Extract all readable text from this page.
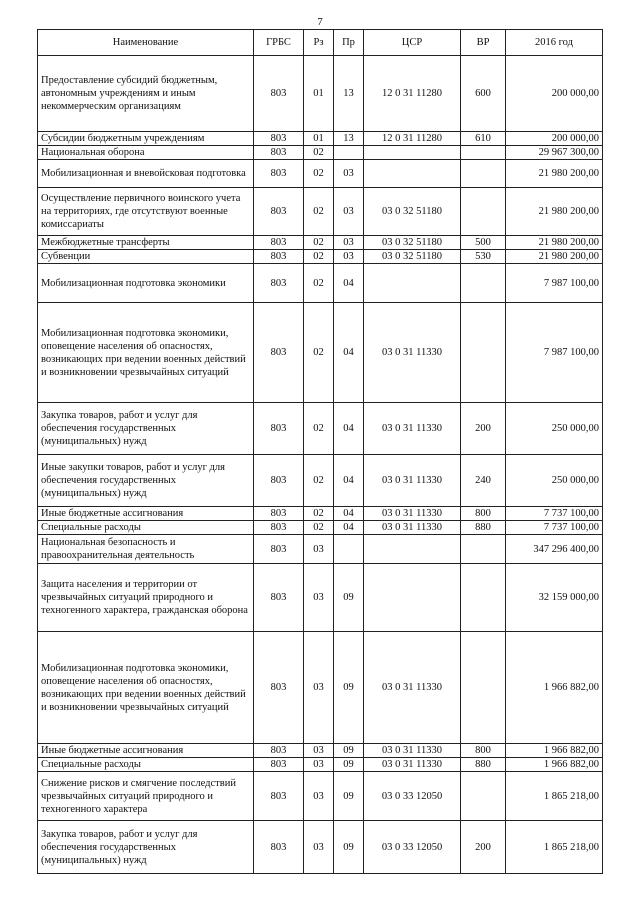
7
Наименование	ГРБС	Рз	Пр	ЦСР	ВР	2016 год
Предоставление субсидий бюджетным, автономным учреждениям и иным некоммерческим организациям	803	01	13	12 0 31 11280	600	200 000,00
Субсидии бюджетным учреждениям	803	01	13	12 0 31 11280	610	200 000,00
Национальная оборона	803	02				29 967 300,00
Мобилизационная и вневойсковая подготовка	803	02	03			21 980 200,00
Осуществление первичного воинского учета на территориях, где отсутствуют военные комиссариаты	803	02	03	03 0 32 51180		21 980 200,00
Межбюджетные трансферты	803	02	03	03 0 32 51180	500	21 980 200,00
Субвенции	803	02	03	03 0 32 51180	530	21 980 200,00
Мобилизационная подготовка экономики	803	02	04			7 987 100,00
Мобилизационная подготовка экономики, оповещение населения об опасностях, возникающих при ведении военных действий и возникновении чрезвычайных ситуаций	803	02	04	03 0 31 11330		7 987 100,00
Закупка товаров, работ и услуг для обеспечения государственных (муниципальных) нужд	803	02	04	03 0 31 11330	200	250 000,00
Иные закупки товаров, работ и услуг для обеспечения государственных (муниципальных) нужд	803	02	04	03 0 31 11330	240	250 000,00
Иные бюджетные ассигнования	803	02	04	03 0 31 11330	800	7 737 100,00
Специальные расходы	803	02	04	03 0 31 11330	880	7 737 100,00
Национальная безопасность и правоохранительная деятельность	803	03				347 296 400,00
Защита населения и территории от чрезвычайных ситуаций природного и техногенного характера, гражданская оборона	803	03	09			32 159 000,00
Мобилизационная подготовка экономики, оповещение населения об опасностях, возникающих при ведении военных действий и возникновении чрезвычайных ситуаций	803	03	09	03 0 31 11330		1 966 882,00
Иные бюджетные ассигнования	803	03	09	03 0 31 11330	800	1 966 882,00
Специальные расходы	803	03	09	03 0 31 11330	880	1 966 882,00
Снижение рисков и смягчение последствий чрезвычайных ситуаций природного и техногенного характера	803	03	09	03 0 33 12050		1 865 218,00
Закупка товаров, работ и услуг для обеспечения государственных (муниципальных) нужд	803	03	09	03 0 33 12050	200	1 865 218,00
